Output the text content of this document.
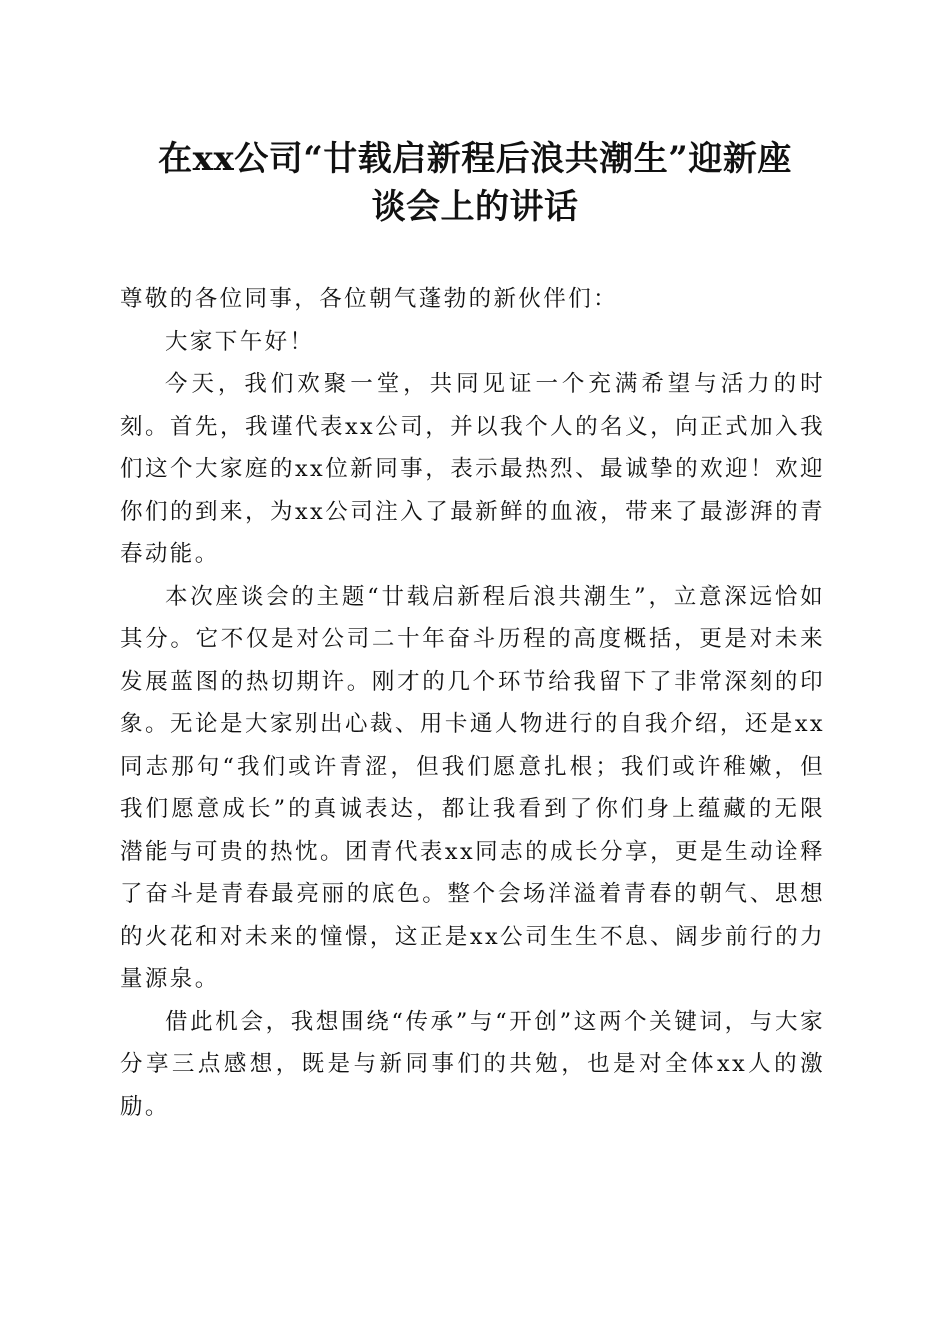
在xx公司“廿载启新程后浪共潮生”迎新座
谈会上的讲话

尊敬的各位同事，各位朝气蓬勃的新伙伴们：

大家下午好！

今天，我们欢聚一堂，共同见证一个充满希望与活力的时刻。首先，我谨代表xx公司，并以我个人的名义，向正式加入我们这个大家庭的xx位新同事，表示最热烈、最诚挚的欢迎！欢迎你们的到来，为xx公司注入了最新鲜的血液，带来了最澎湃的青春动能。

本次座谈会的主题“廿载启新程后浪共潮生”，立意深远恰如其分。它不仅是对公司二十年奋斗历程的高度概括，更是对未来发展蓝图的热切期许。刚才的几个环节给我留下了非常深刻的印象。无论是大家别出心裁、用卡通人物进行的自我介绍，还是xx同志那句“我们或许青涩，但我们愿意扎根；我们或许稚嫩，但我们愿意成长”的真诚表达，都让我看到了你们身上蕴藏的无限潜能与可贵的热忱。团青代表xx同志的成长分享，更是生动诠释了奋斗是青春最亮丽的底色。整个会场洋溢着青春的朝气、思想的火花和对未来的憧憬，这正是xx公司生生不息、阔步前行的力量源泉。

借此机会，我想围绕“传承”与“开创”这两个关键词，与大家分享三点感想，既是与新同事们的共勉，也是对全体xx人的激励。
